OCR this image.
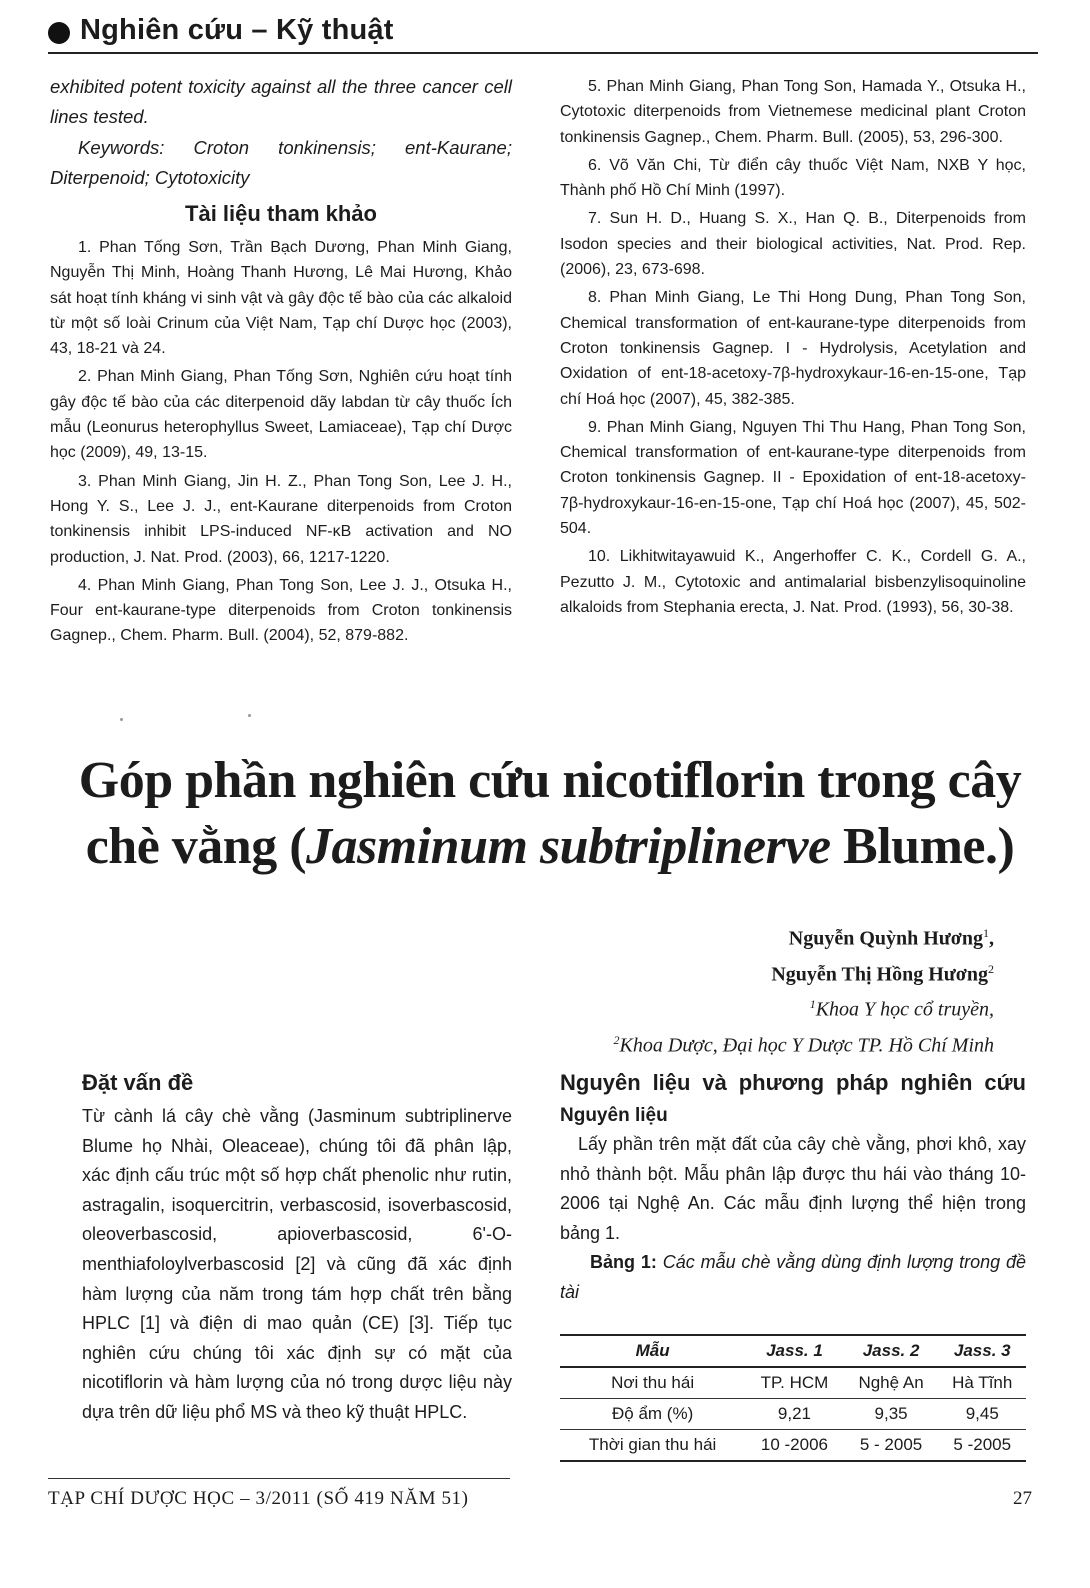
Nghiên cứu – Kỹ thuật

exhibited potent toxicity against all the three cancer cell lines tested.

Keywords: Croton tonkinensis; ent-Kaurane; Diterpenoid; Cytotoxicity

Tài liệu tham khảo

1. Phan Tống Sơn, Trần Bạch Dương, Phan Minh Giang, Nguyễn Thị Minh, Hoàng Thanh Hương, Lê Mai Hương, Khảo sát hoạt tính kháng vi sinh vật và gây độc tế bào của các alkaloid từ một số loài Crinum của Việt Nam, Tạp chí Dược học (2003), 43, 18-21 và 24.

2. Phan Minh Giang, Phan Tống Sơn, Nghiên cứu hoạt tính gây độc tế bào của các diterpenoid dãy labdan từ cây thuốc Ích mẫu (Leonurus heterophyllus Sweet, Lamiaceae), Tạp chí Dược học (2009), 49, 13-15.

3. Phan Minh Giang, Jin H. Z., Phan Tong Son, Lee J. H., Hong Y. S., Lee J. J., ent-Kaurane diterpenoids from Croton tonkinensis inhibit LPS-induced NF-κB activation and NO production, J. Nat. Prod. (2003), 66, 1217-1220.

4. Phan Minh Giang, Phan Tong Son, Lee J. J., Otsuka H., Four ent-kaurane-type diterpenoids from Croton tonkinensis Gagnep., Chem. Pharm. Bull. (2004), 52, 879-882.

5. Phan Minh Giang, Phan Tong Son, Hamada Y., Otsuka H., Cytotoxic diterpenoids from Vietnemese medicinal plant Croton tonkinensis Gagnep., Chem. Pharm. Bull. (2005), 53, 296-300.

6. Võ Văn Chi, Từ điển cây thuốc Việt Nam, NXB Y học, Thành phố Hồ Chí Minh (1997).

7. Sun H. D., Huang S. X., Han Q. B., Diterpenoids from Isodon species and their biological activities, Nat. Prod. Rep. (2006), 23, 673-698.

8. Phan Minh Giang, Le Thi Hong Dung, Phan Tong Son, Chemical transformation of ent-kaurane-type diterpenoids from Croton tonkinensis Gagnep. I - Hydrolysis, Acetylation and Oxidation of ent-18-acetoxy-7β-hydroxykaur-16-en-15-one, Tạp chí Hoá học (2007), 45, 382-385.

9. Phan Minh Giang, Nguyen Thi Thu Hang, Phan Tong Son, Chemical transformation of ent-kaurane-type diterpenoids from Croton tonkinensis Gagnep. II - Epoxidation of ent-18-acetoxy-7β-hydroxykaur-16-en-15-one, Tạp chí Hoá học (2007), 45, 502-504.

10. Likhitwitayawuid K., Angerhoffer C. K., Cordell G. A., Pezutto J. M., Cytotoxic and antimalarial bisbenzylisoquinoline alkaloids from Stephania erecta, J. Nat. Prod. (1993), 56, 30-38.

Góp phần nghiên cứu nicotiflorin trong cây chè vằng (Jasminum subtriplinerve Blume.)
Nguyễn Quỳnh Hương$^1$,
Nguyễn Thị Hồng Hương$^2$
$^1$Khoa Y học cổ truyền,
$^2$Khoa Dược, Đại học Y Dược TP. Hồ Chí Minh

Đặt vấn đề

Từ cành lá cây chè vằng (Jasminum subtriplinerve Blume họ Nhài, Oleaceae), chúng tôi đã phân lập, xác định cấu trúc một số hợp chất phenolic như rutin, astragalin, isoquercitrin, verbascosid, isoverbascosid, oleoverbascosid, apioverbascosid, 6'-O-menthiafoloylverbascosid [2] và cũng đã xác định hàm lượng của năm trong tám hợp chất trên bằng HPLC [1] và điện di mao quản (CE) [3]. Tiếp tục nghiên cứu chúng tôi xác định sự có mặt của nicotiflorin và hàm lượng của nó trong dược liệu này dựa trên dữ liệu phổ MS và theo kỹ thuật HPLC.

Nguyên liệu và phương pháp nghiên cứu

Nguyên liệu

Lấy phần trên mặt đất của cây chè vằng, phơi khô, xay nhỏ thành bột. Mẫu phân lập được thu hái vào tháng 10-2006 tại Nghệ An. Các mẫu định lượng thể hiện trong bảng 1.

Bảng 1: Các mẫu chè vằng dùng định lượng trong đề tài

Mẫu	Jass. 1	Jass. 2	Jass. 3
Nơi thu hái	TP. HCM	Nghệ An	Hà Tĩnh
Độ ẩm (%)	9,21	9,35	9,45
Thời gian thu hái	10 -2006	5 - 2005	5 -2005
TẠP CHÍ DƯỢC HỌC – 3/2011 (SỐ 419 NĂM 51)	27
